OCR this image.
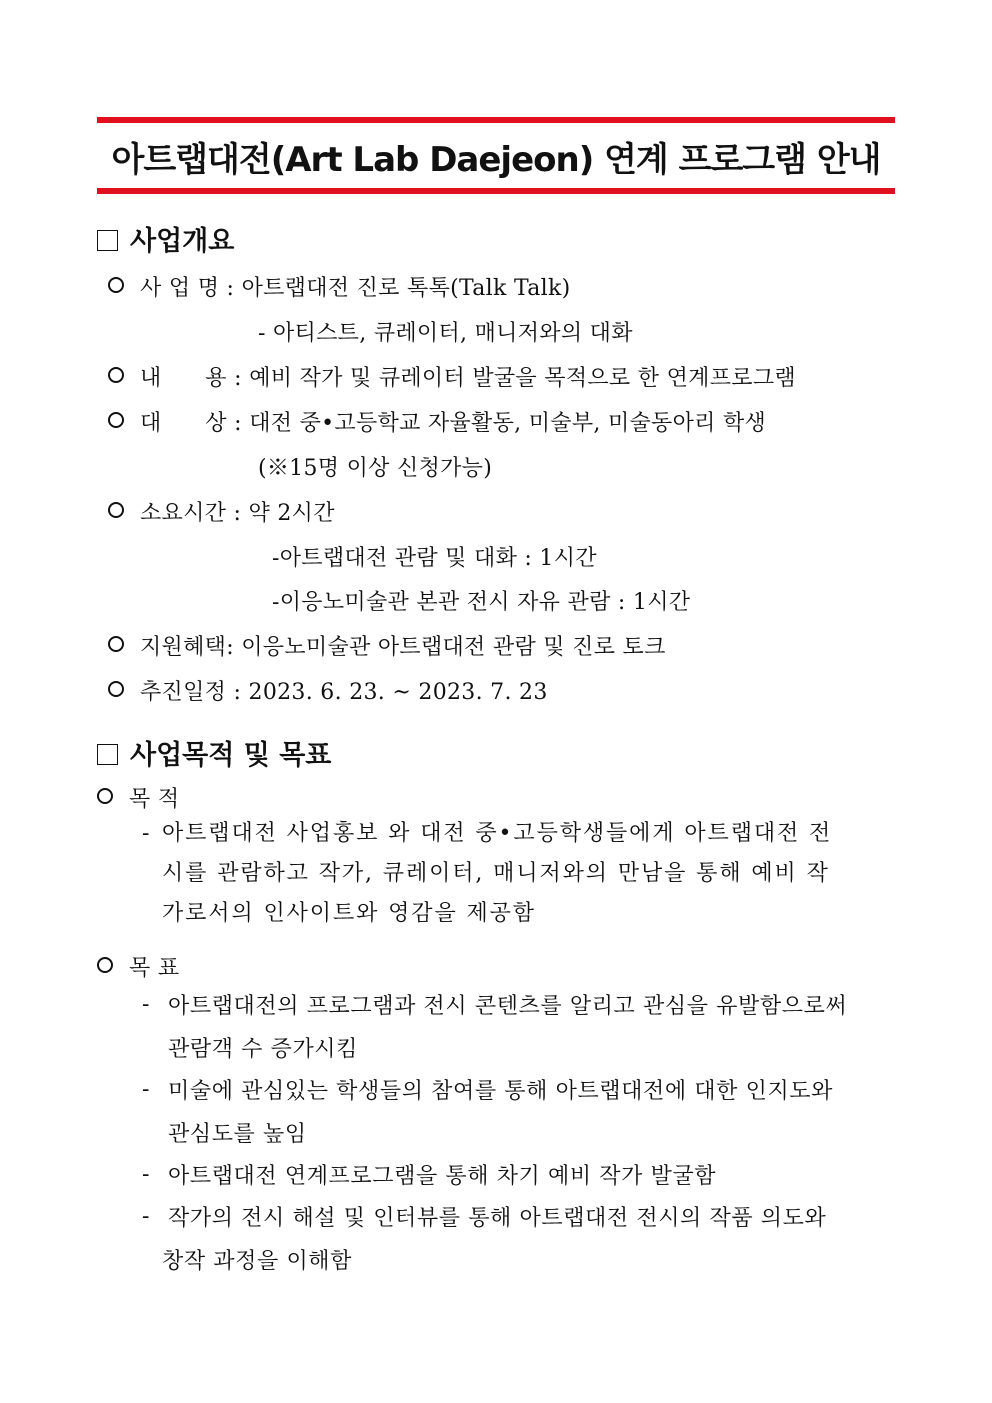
아트랩대전(Art Lab Daejeon) 연계 프로그램 안내
사업개요
사 업 명 : 아트랩대전 진로 톡톡(Talk Talk)
- 아티스트, 큐레이터, 매니저와의 대화
내      용 : 예비 작가 및 큐레이터 발굴을 목적으로 한 연계프로그램
대      상 : 대전 중•고등학교 자율활동, 미술부, 미술동아리 학생
(※15명 이상 신청가능)
소요시간 : 약 2시간
-아트랩대전 관람 및 대화 : 1시간
-이응노미술관 본관 전시 자유 관람 : 1시간
지원혜택: 이응노미술관 아트랩대전 관람 및 진로 토크
추진일정 : 2023. 6. 23. ~ 2023. 7. 23
사업목적 및 목표
목 적
- 아트랩대전 사업홍보 와 대전 중•고등학생들에게 아트랩대전 전
시를 관람하고 작가, 큐레이터, 매니저와의 만남을 통해 예비 작
가로서의 인사이트와 영감을 제공함
목 표
- 아트랩대전의 프로그램과 전시 콘텐츠를 알리고 관심을 유발함으로써
관람객 수 증가시킴
- 미술에 관심있는 학생들의 참여를 통해 아트랩대전에 대한 인지도와
관심도를 높임
- 아트랩대전 연계프로그램을 통해 차기 예비 작가 발굴함
- 작가의 전시 해설 및 인터뷰를 통해 아트랩대전 전시의 작품 의도와
창작 과정을 이해함
